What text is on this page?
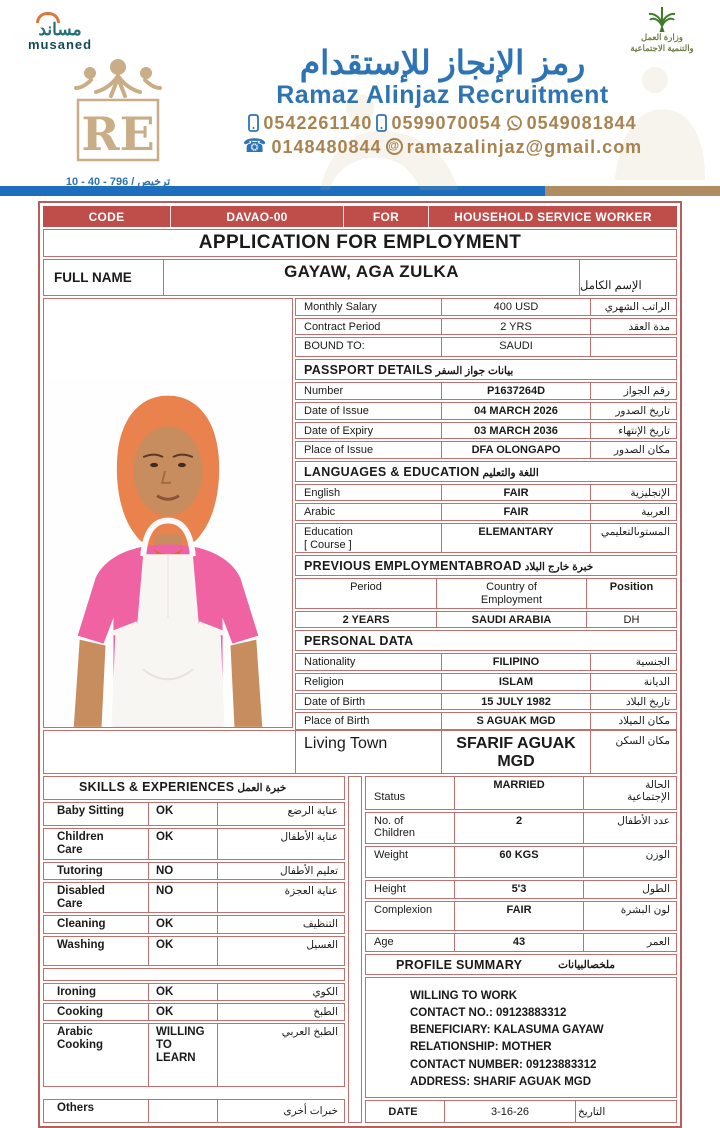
مساند
musaned	وزارة العمل
والتنمية الاجتماعية
RE
10 - 40 - 796 / ترخيص
رمز الإنجاز للإستقدام
Ramaz Alinjaz Recruitment
0542261140 0599070054 0549081844
☎ 0148480844 @ ramazalinjaz@gmail.com
CODE	DAVAO-00	FOR	HOUSEHOLD SERVICE WORKER
APPLICATION FOR EMPLOYMENT
FULL NAME	GAYAW, AGA ZULKA
الإسم الكامل
Monthly Salary	400 USD	الراتب الشهري
Contract Period	2 YRS	مدة العقد
BOUND TO:	SAUDI
PASSPORT DETAILS بيانات جواز السفر
Number	P1637264D	رقم الجواز
Date of Issue	04 MARCH 2026	تاريخ الصدور
Date of Expiry	03 MARCH 2036	تاريخ الإنتهاء
Place of Issue	DFA OLONGAPO	مكان الصدور
LANGUAGES & EDUCATION اللغة والتعليم
English	FAIR	الإنجليزية
Arabic	FAIR	العربية
Education
[ Course ]
ELEMANTARY	المستوىالتعليمي
PREVIOUS EMPLOYMENTABROAD خبرة خارج البلاد
Period	Country of
Employment
Position
2 YEARS	SAUDI ARABIA	DH
PERSONAL DATA
Nationality	FILIPINO	الجنسية
Religion	ISLAM	الديانة
Date of Birth	15 JULY 1982	تاريخ البلاد
Place of Birth	S AGUAK MGD	مكان الميلاد
Living Town	SFARIF AGUAK
MGD
مكان السكن
SKILLS & EXPERIENCES خبرة العمل
Baby Sitting	OK	عناية الرضع
Children
Care
OK	عناية الأطفال
Tutoring	NO	تعليم الأطفال
Disabled
Care
NO	عناية العجزة
Cleaning	OK	التنظيف
Washing	OK	الغسيل
Ironing	OK	الكوي
Cooking	OK	الطبخ
Arabic
Cooking
WILLING
TO
LEARN
الطبخ العربي
Others	خبرات أخرى
Status
MARRIED	الحالة
الإجتماعية
No. of
Children
2	عدد الأطفال
Weight	60 KGS	الوزن
Height	5'3	الطول
Complexion	FAIR	لون البشرة
Age	43	العمر
PROFILE SUMMARY	ملخصالبيانات
WILLING TO WORK
CONTACT NO.: 09123883312
BENEFICIARY: KALASUMA GAYAW
RELATIONSHIP: MOTHER
CONTACT NUMBER: 09123883312
ADDRESS: SHARIF AGUAK MGD
DATE	3-16-26	التاريخ
